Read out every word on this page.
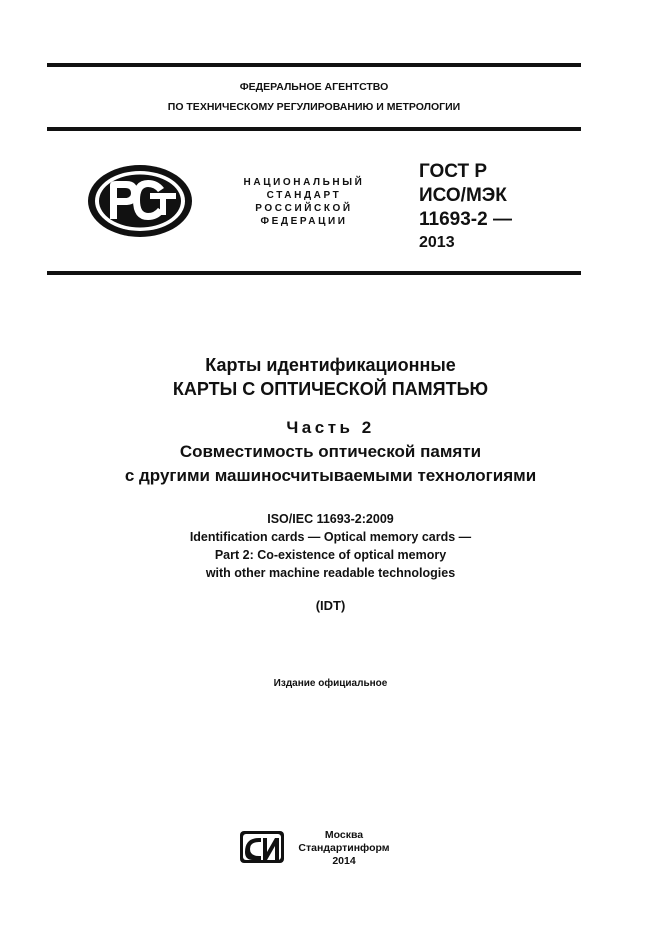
ФЕДЕРАЛЬНОЕ АГЕНТСТВО
ПО ТЕХНИЧЕСКОМУ РЕГУЛИРОВАНИЮ И МЕТРОЛОГИИ
НАЦИОНАЛЬНЫЙ
СТАНДАРТ
РОССИЙСКОЙ
ФЕДЕРАЦИИ
ГОСТ Р
ИСО/МЭК
11693-2 —
2013
Карты идентификационные
КАРТЫ С ОПТИЧЕСКОЙ ПАМЯТЬЮ
Часть 2
Совместимость оптической памяти
с другими машиносчитываемыми технологиями
ISO/IEC 11693-2:2009
Identification cards — Optical memory cards —
Part 2: Co-existence of optical memory
with other machine readable technologies
(IDT)
Издание официальное
Москва
Стандартинформ
2014
